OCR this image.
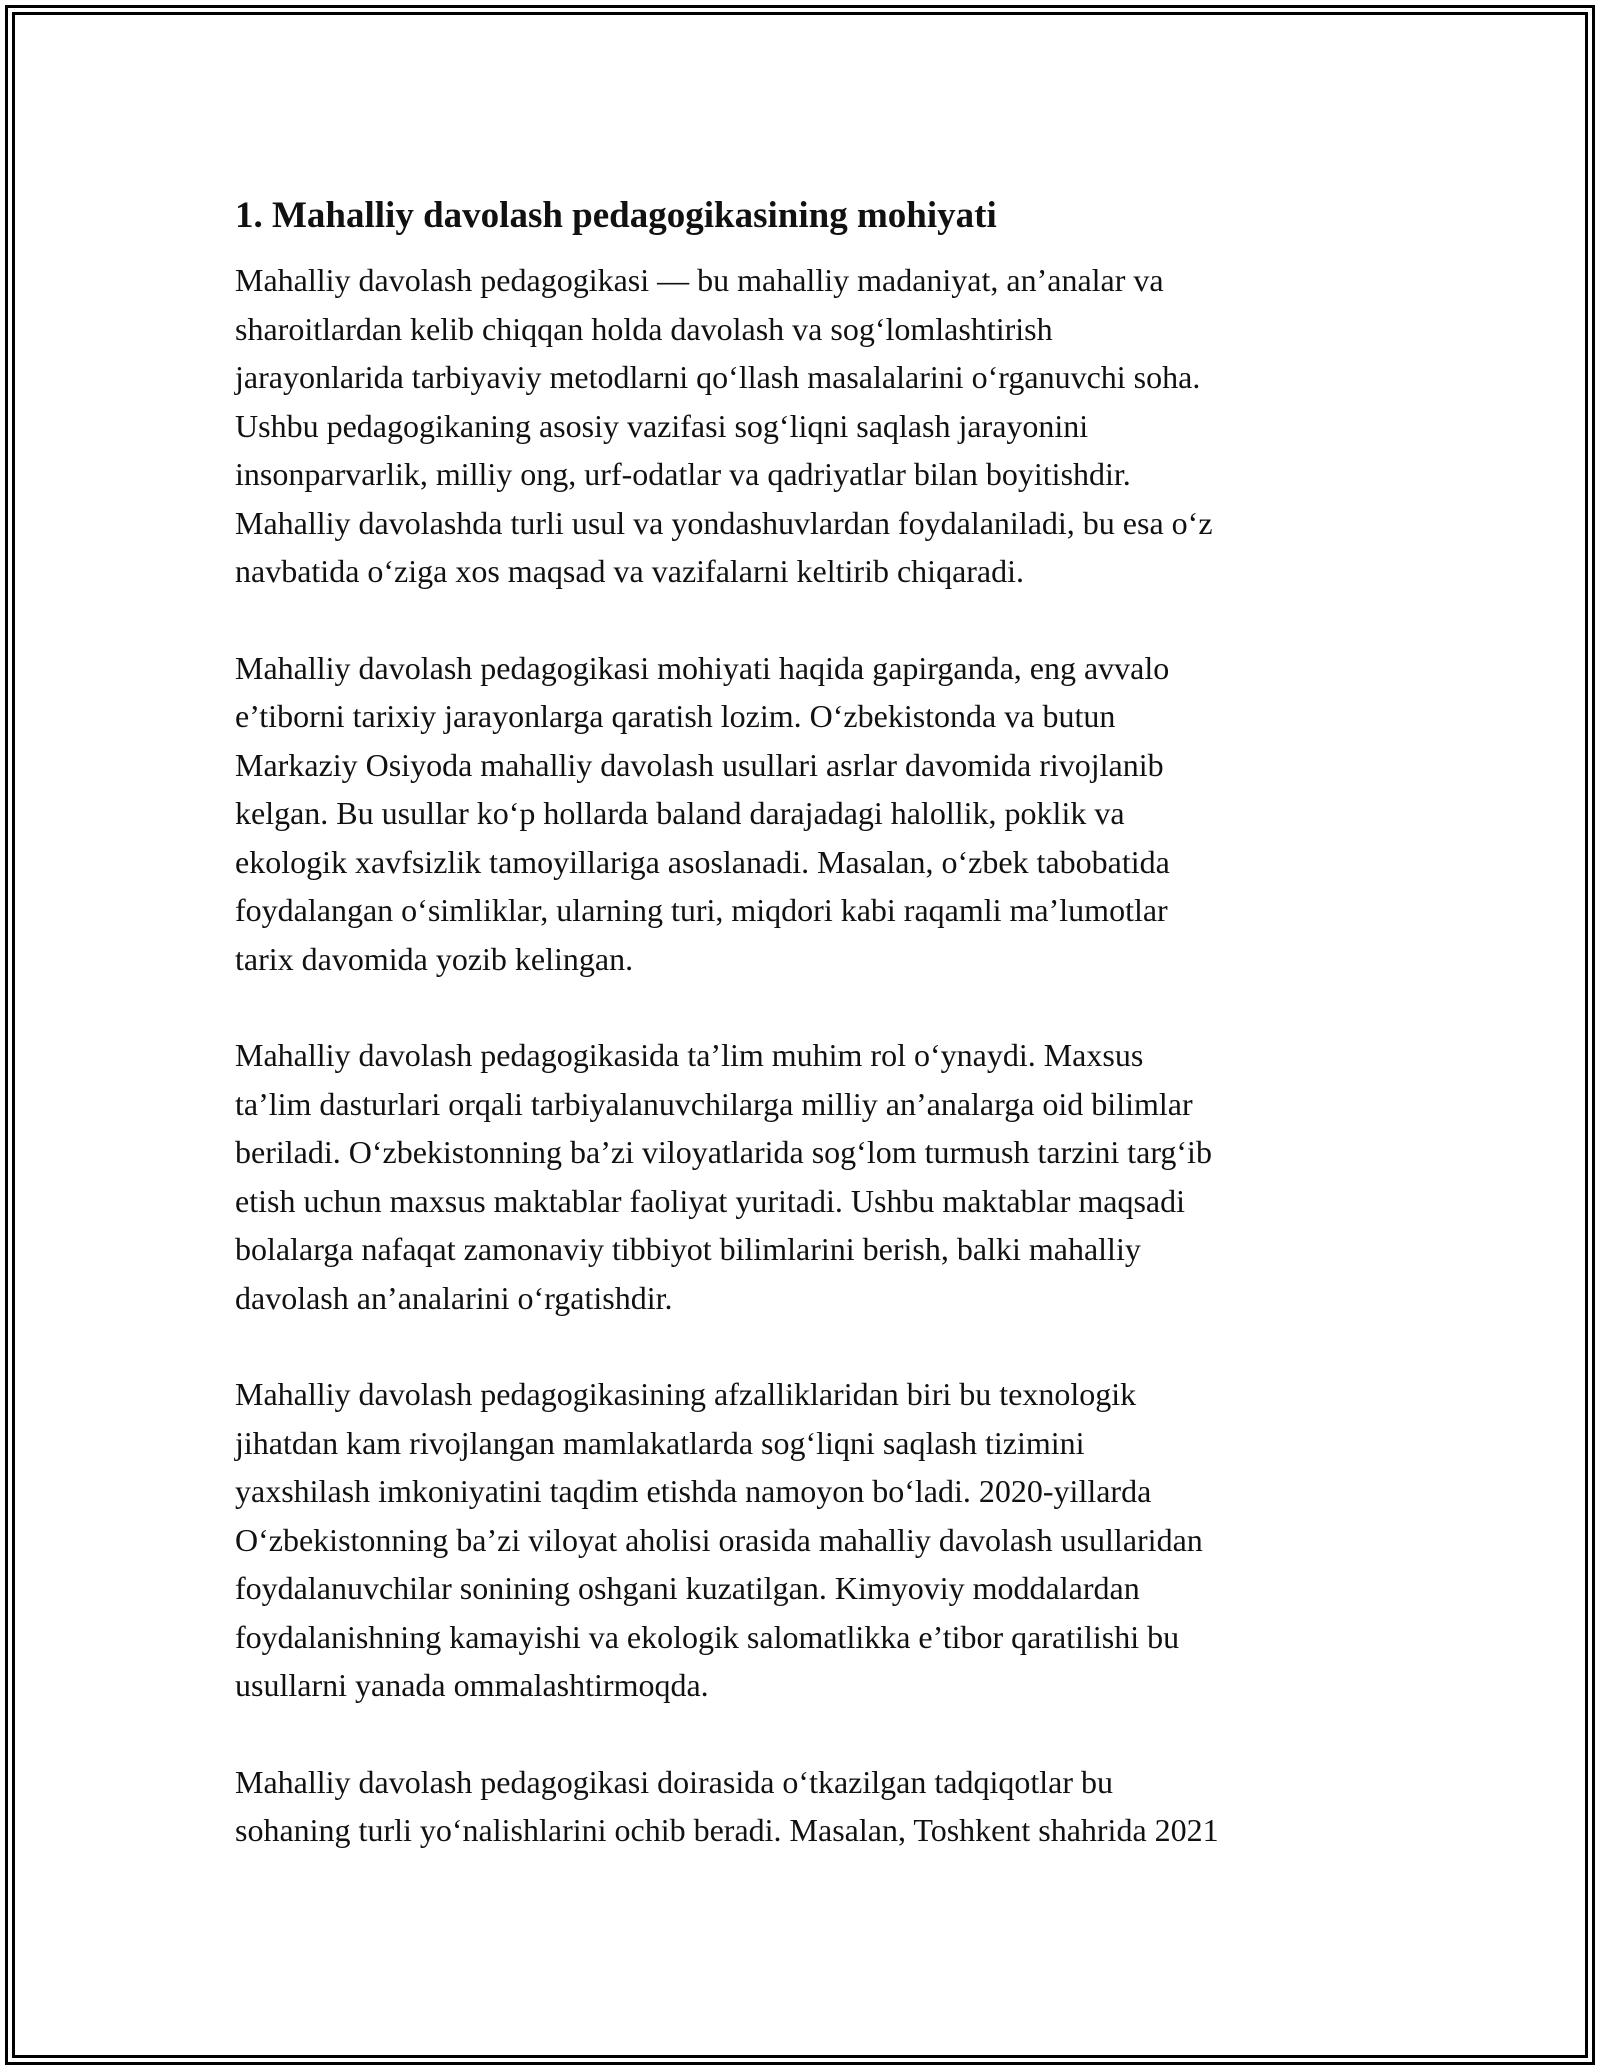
1. Mahalliy davolash pedagogikasining mohiyati

Mahalliy davolash pedagogikasi — bu mahalliy madaniyat, an’analar va
sharoitlardan kelib chiqqan holda davolash va sog‘lomlashtirish
jarayonlarida tarbiyaviy metodlarni qo‘llash masalalarini o‘rganuvchi soha.
Ushbu pedagogikaning asosiy vazifasi sog‘liqni saqlash jarayonini
insonparvarlik, milliy ong, urf-odatlar va qadriyatlar bilan boyitishdir.
Mahalliy davolashda turli usul va yondashuvlardan foydalaniladi, bu esa o‘z
navbatida o‘ziga xos maqsad va vazifalarni keltirib chiqaradi.

Mahalliy davolash pedagogikasi mohiyati haqida gapirganda, eng avvalo
e’tiborni tarixiy jarayonlarga qaratish lozim. O‘zbekistonda va butun
Markaziy Osiyoda mahalliy davolash usullari asrlar davomida rivojlanib
kelgan. Bu usullar ko‘p hollarda baland darajadagi halollik, poklik va
ekologik xavfsizlik tamoyillariga asoslanadi. Masalan, o‘zbek tabobatida
foydalangan o‘simliklar, ularning turi, miqdori kabi raqamli ma’lumotlar
tarix davomida yozib kelingan.

Mahalliy davolash pedagogikasida ta’lim muhim rol o‘ynaydi. Maxsus
ta’lim dasturlari orqali tarbiyalanuvchilarga milliy an’analarga oid bilimlar
beriladi. O‘zbekistonning ba’zi viloyatlarida sog‘lom turmush tarzini targ‘ib
etish uchun maxsus maktablar faoliyat yuritadi. Ushbu maktablar maqsadi
bolalarga nafaqat zamonaviy tibbiyot bilimlarini berish, balki mahalliy
davolash an’analarini o‘rgatishdir.

Mahalliy davolash pedagogikasining afzalliklaridan biri bu texnologik
jihatdan kam rivojlangan mamlakatlarda sog‘liqni saqlash tizimini
yaxshilash imkoniyatini taqdim etishda namoyon bo‘ladi. 2020-yillarda
O‘zbekistonning ba’zi viloyat aholisi orasida mahalliy davolash usullaridan
foydalanuvchilar sonining oshgani kuzatilgan. Kimyoviy moddalardan
foydalanishning kamayishi va ekologik salomatlikka e’tibor qaratilishi bu
usullarni yanada ommalashtirmoqda.

Mahalliy davolash pedagogikasi doirasida o‘tkazilgan tadqiqotlar bu
sohaning turli yo‘nalishlarini ochib beradi. Masalan, Toshkent shahrida 2021
